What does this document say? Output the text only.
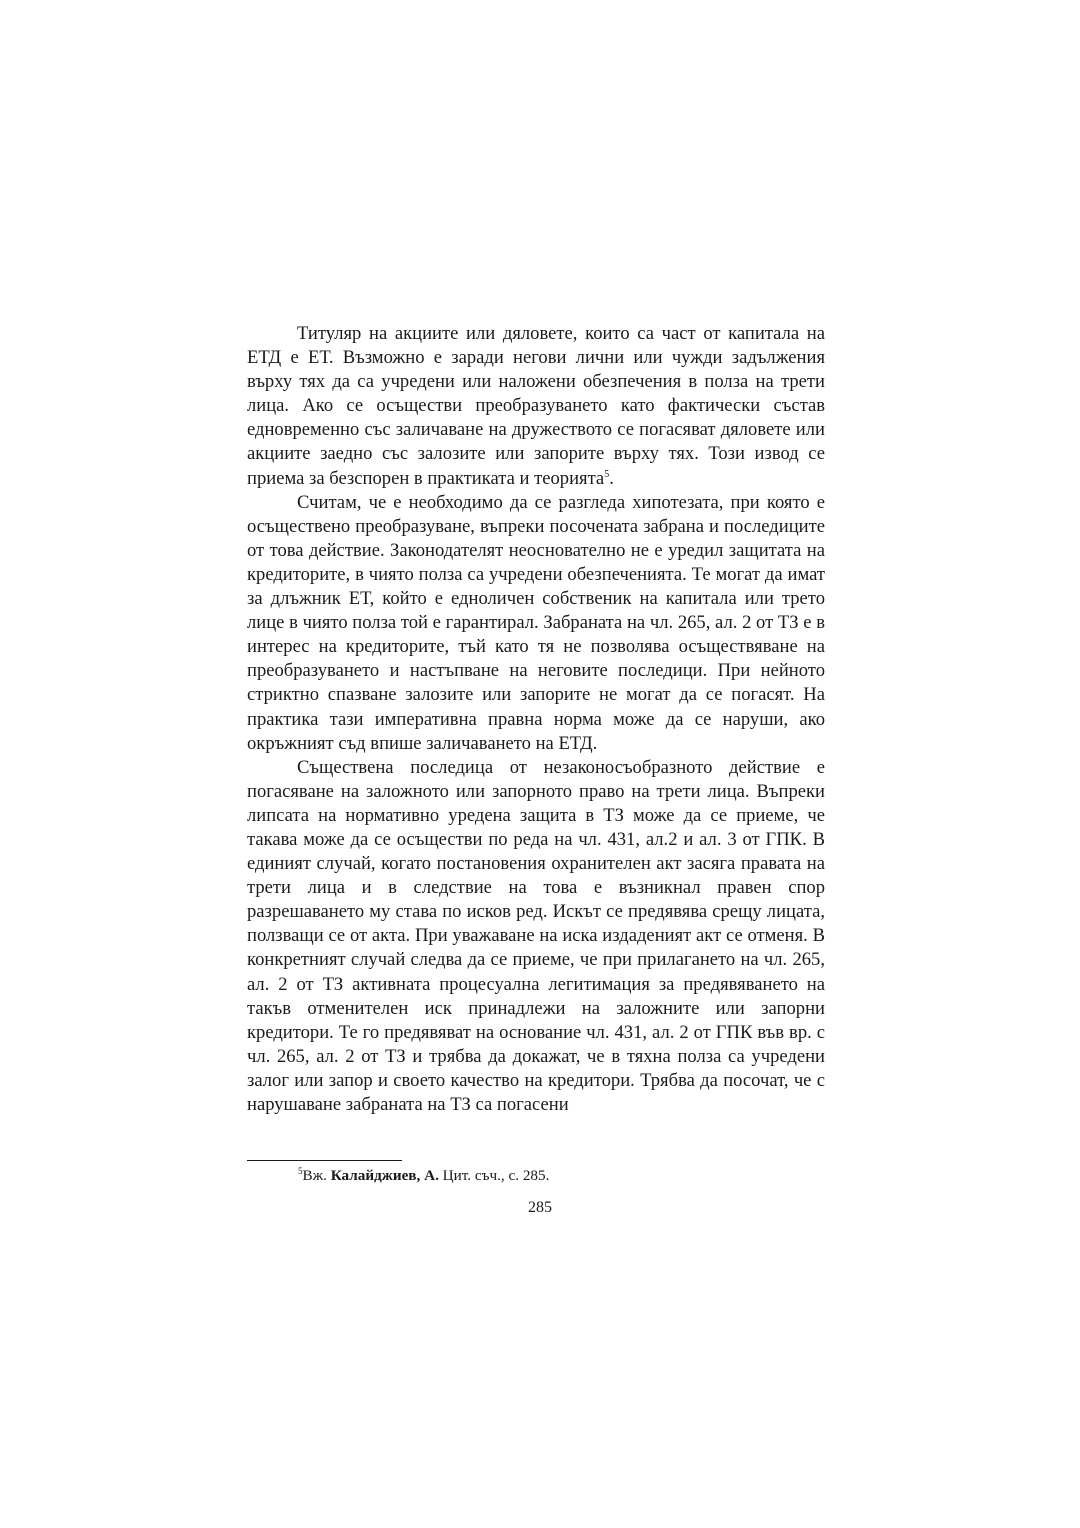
Титуляр на акциите или дяловете, които са част от капитала на ЕТД е ЕТ. Възможно е заради негови лични или чужди задължения върху тях да са учредени или наложени обезпечения в полза на трети лица. Ако се осъществи преобразуването като фактически състав едновременно със заличаване на дружеството се погасяват дяловете или акциите заедно със залозите или запорите върху тях. Този извод се приема за безспорен в практиката и теорията$^5$.

Считам, че е необходимо да се разгледа хипотезата, при която е осъществено преобразуване, въпреки посочената забрана и последиците от това действие. Законодателят неоснователно не е уредил защитата на кредиторите, в чиято полза са учредени обезпеченията. Те могат да имат за длъжник ЕТ, който е едноличен собственик на капитала или трето лице в чиято полза той е гарантирал. Забраната на чл. 265, ал. 2 от ТЗ е в интерес на кредиторите, тъй като тя не позволява осъществяване на преобразуването и настъпване на неговите последици. При нейното стриктно спазване залозите или запорите не могат да се погасят. На практика тази императивна правна норма може да се наруши, ако окръжният съд впише заличаването на ЕТД.

Съществена последица от незаконосъобразното действие е погасяване на заложното или запорното право на трети лица. Въпреки липсата на нормативно уредена защита в ТЗ може да се приеме, че такава може да се осъществи по реда на чл. 431, ал.2 и ал. 3 от ГПК. В единият случай, когато постановения охранителен акт засяга правата на трети лица и в следствие на това е възникнал правен спор разрешаването му става по исков ред. Искът се предявява срещу лицата, ползващи се от акта. При уважаване на иска издаденият акт се отменя. В конкретният случай следва да се приеме, че при прилагането на чл. 265, ал. 2 от ТЗ активната процесуална легитимация за предявяването на такъв отменителен иск принадлежи на заложните или запорни кредитори. Те го предявяват на основание чл. 431, ал. 2 от ГПК във вр. с чл. 265, ал. 2 от ТЗ и трябва да докажат, че в тяхна полза са учредени залог или запор и своето качество на кредитори. Трябва да посочат, че с нарушаване забраната на ТЗ са погасени

$^5$Вж. Калайджиев, А. Цит. съч., с. 285.
285
